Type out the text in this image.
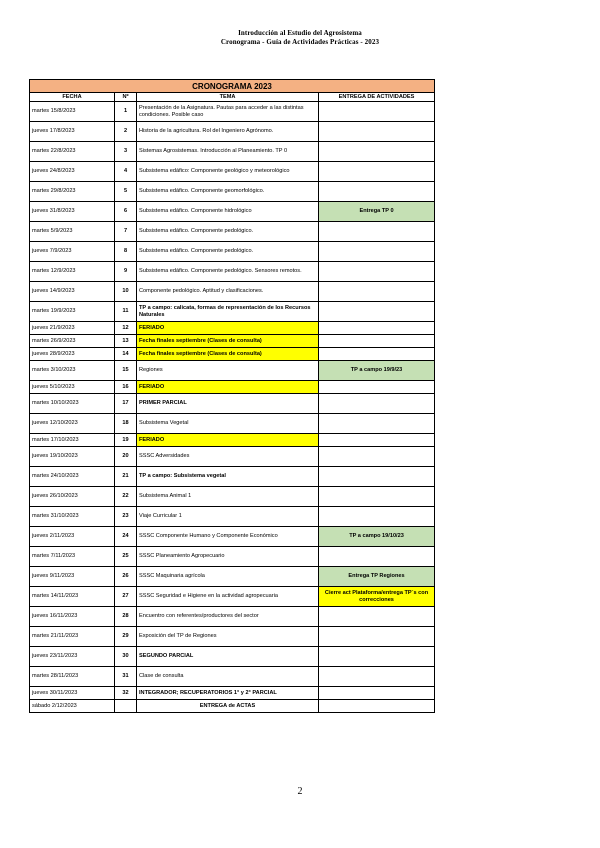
Introducción al Estudio del Agrosistema
Cronograma - Guía de Actividades Prácticas - 2023
CRONOGRAMA 2023			
FECHA	Nº	TEMA	ENTREGA DE ACTIVIDADES
martes 15/8/2023	1	Presentación de la Asignatura. Pautas para acceder a las distintas condiciones. Posible caso	
jueves 17/8/2023	2	Historia de la agricultura. Rol del Ingeniero Agrónomo.	
martes 22/8/2023	3	Sistemas Agrosistemas. Introducción al Planeamiento. TP 0	
jueves 24/8/2023	4	Subsistema edáfico: Componente geológico y meteorológico	
martes 29/8/2023	5	Subsistema edáfico. Componente geomorfológico.	
jueves 31/8/2023	6	Subsistema edáfico. Componente hidrológico	Entrega TP 0
martes 5/9/2023	7	Subsistema edáfico. Componente pedológico.	
jueves 7/9/2023	8	Subsistema edáfico. Componente pedológico.	
martes 12/9/2023	9	Subsistema edáfico. Componente pedológico. Sensores remotos.	
jueves 14/9/2023	10	Componente pedológico. Aptitud y clasificaciones.	
martes 19/9/2023	11	TP a campo: calicata, formas de representación de los Recursos Naturales	
jueves 21/9/2023	12	FERIADO	
martes 26/9/2023	13	Fecha finales septiembre (Clases de consulta)	
jueves 28/9/2023	14	Fecha finales septiembre (Clases de consulta)	
martes 3/10/2023	15	Regiones	TP a campo 19/9/23
jueves 5/10/2023	16	FERIADO	
martes 10/10/2023	17	PRIMER PARCIAL	
jueves 12/10/2023	18	Subsistema Vegetal	
martes 17/10/2023	19	FERIADO	
jueves 19/10/2023	20	SSSC Adversidades	
martes 24/10/2023	21	TP a campo: Subsistema vegetal	
jueves 26/10/2023	22	Subsistema Animal 1	
martes 31/10/2023	23	Viaje Curricular 1	
jueves 2/11/2023	24	SSSC Componente Humano y Componente Económico	TP a campo 19/10/23
martes 7/11/2023	25	SSSC Planeamiento Agropecuario	
jueves 9/11/2023	26	SSSC Maquinaria agrícola	Entrega TP Regiones
martes 14/11/2023	27	SSSC Seguridad e Higiene en la actividad agropecuaria	Cierre act Plataforma/entrega TP´s con correcciones
jueves 16/11/2023	28	Encuentro con referentes/productores del sector	
martes 21/11/2023	29	Exposición del TP de Regiones	
jueves 23/11/2023	30	SEGUNDO PARCIAL	
martes 28/11/2023	31	Clase de consulta	
jueves 30/11/2023	32	INTEGRADOR; RECUPERATORIOS 1° y 2° PARCIAL	
sábado 2/12/2023		ENTREGA de ACTAS	
2
